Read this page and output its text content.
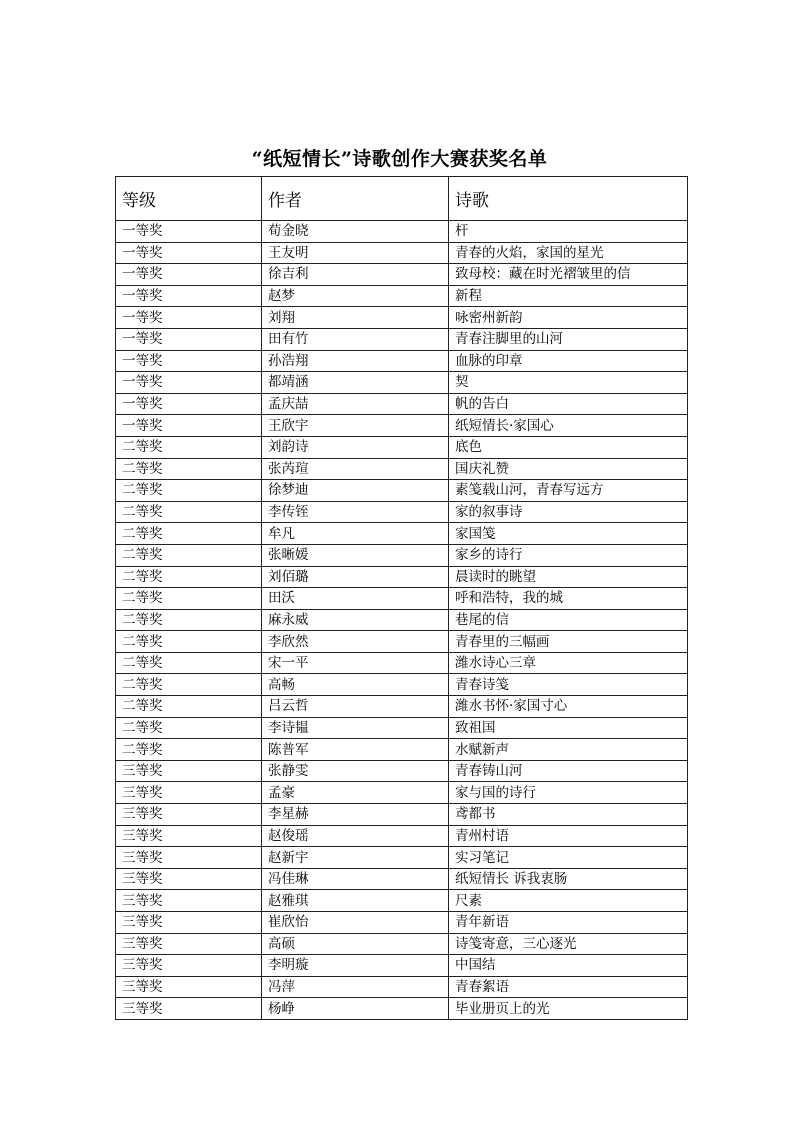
“纸短情长”诗歌创作大赛获奖名单
等级	作者	诗歌
一等奖	荀金晓	杆
一等奖	王友明	青春的火焰，家国的星光
一等奖	徐吉利	致母校：藏在时光褶皱里的信
一等奖	赵梦	新程
一等奖	刘翔	咏密州新韵
一等奖	田有竹	青春注脚里的山河
一等奖	孙浩翔	血脉的印章
一等奖	都靖涵	契
一等奖	孟庆喆	帆的告白
一等奖	王欣宇	纸短情长·家国心
二等奖	刘韵诗	底色
二等奖	张芮瑄	国庆礼赞
二等奖	徐梦迪	素笺载山河，青春写远方
二等奖	李传铚	家的叙事诗
二等奖	牟凡	家国笺
二等奖	张晰媛	家乡的诗行
二等奖	刘佰璐	晨读时的眺望
二等奖	田沃	呼和浩特，我的城
二等奖	麻永威	巷尾的信
二等奖	李欣然	青春里的三幅画
二等奖	宋一平	潍水诗心三章
二等奖	高畅	青春诗笺
二等奖	吕云哲	潍水书怀·家国寸心
二等奖	李诗韫	致祖国
二等奖	陈普军	水赋新声
三等奖	张静雯	青春铸山河
三等奖	孟豪	家与国的诗行
三等奖	李星赫	鸢都书
三等奖	赵俊瑶	青州村语
三等奖	赵新宇	实习笔记
三等奖	冯佳琳	纸短情长 诉我衷肠
三等奖	赵雅琪	尺素
三等奖	崔欣怡	青年新语
三等奖	高硕	诗笺寄意，三心逐光
三等奖	李明璇	中国结
三等奖	冯萍	青春絮语
三等奖	杨峥	毕业册页上的光
